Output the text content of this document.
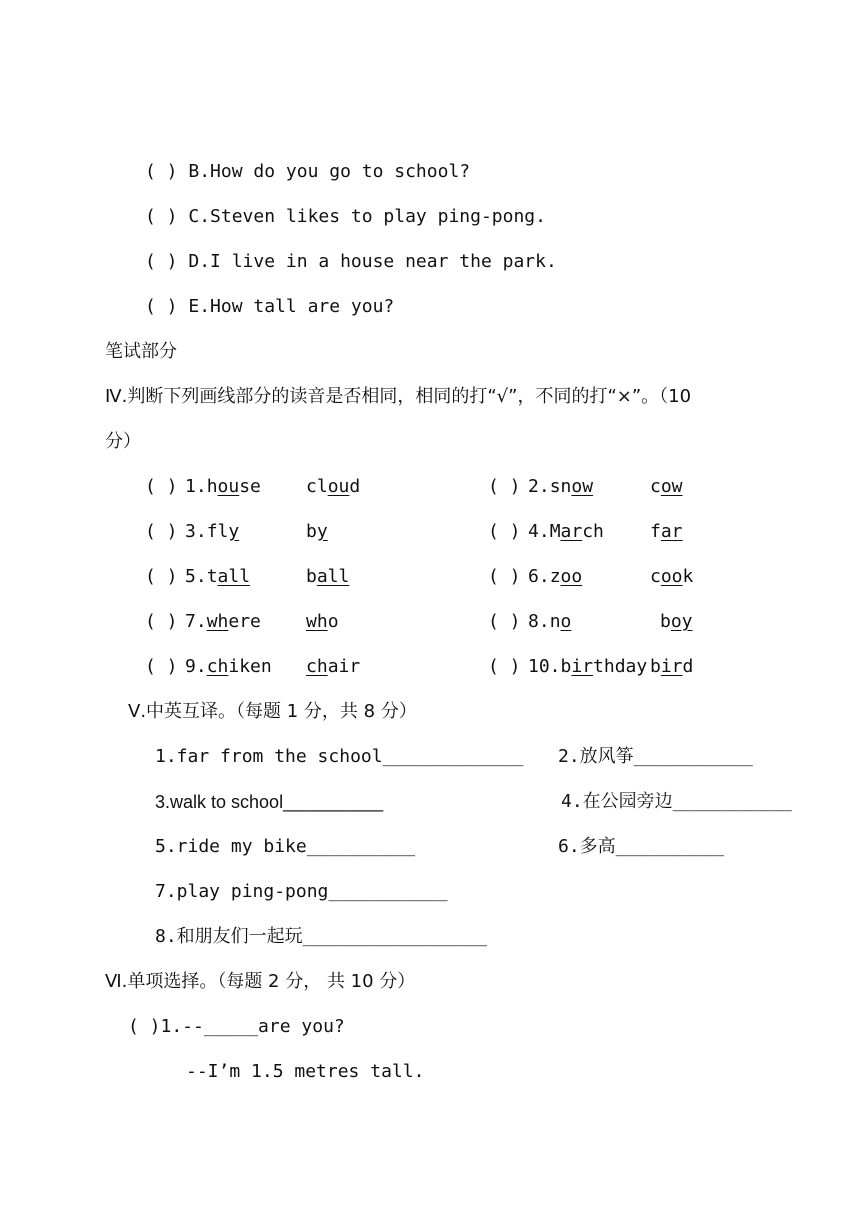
( ) B.How do you go to school?
( ) C.Steven likes to play ping-pong.
( ) D.I live in a house near the park.
( ) E.How tall are you?
笔试部分
Ⅳ.判断下列画线部分的读音是否相同，相同的打“√”，不同的打“×”。（10
分）
( ) 1.house	cloud	( ) 2.snow	cow
( ) 3.fly	by	( ) 4.March	far
( ) 5.tall	ball	( ) 6.zoo	cook
( ) 7.where	who	( ) 8.no	boy
( ) 9.chiken chair	( ) 10.birthday bird
Ⅴ.中英互译。（每题 1 分，共 8 分）
1.far from the school_____________ 2.放风筝___________
3.walk to school__________	4.在公园旁边___________
5.ride my bike__________	6.多高__________
7.play ping-pong___________
8.和朋友们一起玩_________________
Ⅵ.单项选择。（每题 2 分， 共 10 分）
( )1.--_____are you?
--I’m 1.5 metres tall.
